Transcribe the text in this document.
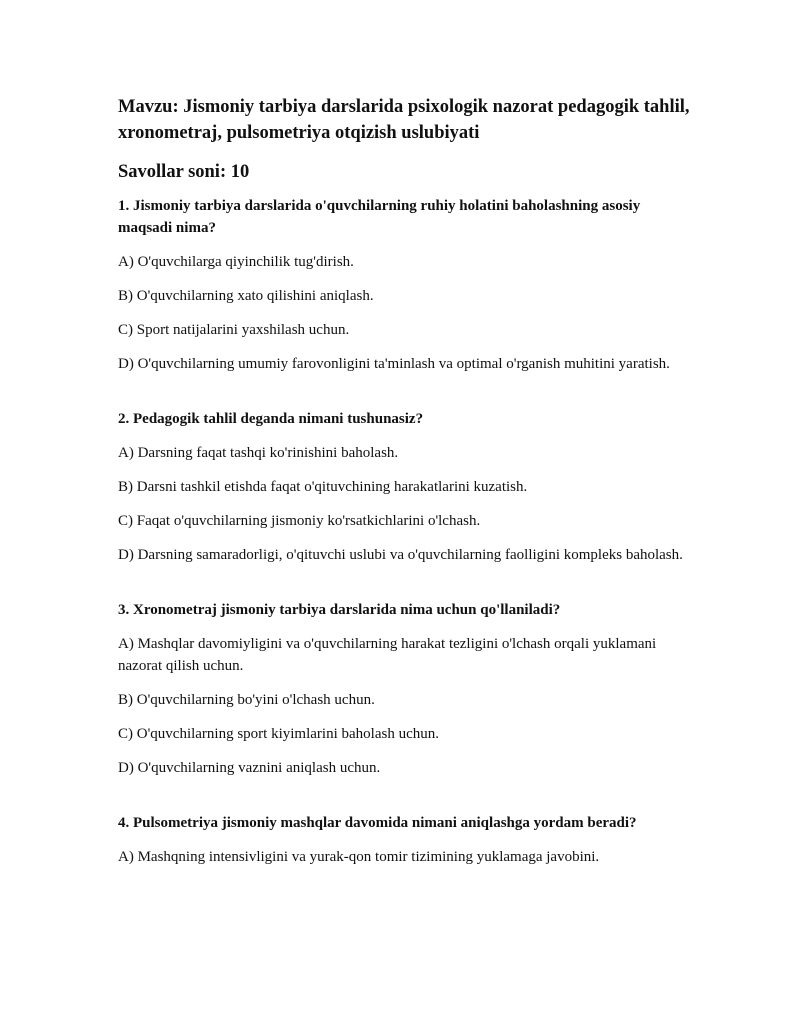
Mavzu: Jismoniy tarbiya darslarida psixologik nazorat pedagogik tahlil, xronometraj, pulsometriya otqizish uslubiyati
Savollar soni: 10
1. Jismoniy tarbiya darslarida o'quvchilarning ruhiy holatini baholashning asosiy maqsadi nima?
A) O'quvchilarga qiyinchilik tug'dirish.
B) O'quvchilarning xato qilishini aniqlash.
C) Sport natijalarini yaxshilash uchun.
D) O'quvchilarning umumiy farovonligini ta'minlash va optimal o'rganish muhitini yaratish.
2. Pedagogik tahlil deganda nimani tushunasiz?
A) Darsning faqat tashqi ko'rinishini baholash.
B) Darsni tashkil etishda faqat o'qituvchining harakatlarini kuzatish.
C) Faqat o'quvchilarning jismoniy ko'rsatkichlarini o'lchash.
D) Darsning samaradorligi, o'qituvchi uslubi va o'quvchilarning faolligini kompleks baholash.
3. Xronometraj jismoniy tarbiya darslarida nima uchun qo'llaniladi?
A) Mashqlar davomiyligini va o'quvchilarning harakat tezligini o'lchash orqali yuklamani nazorat qilish uchun.
B) O'quvchilarning bo'yini o'lchash uchun.
C) O'quvchilarning sport kiyimlarini baholash uchun.
D) O'quvchilarning vaznini aniqlash uchun.
4. Pulsometriya jismoniy mashqlar davomida nimani aniqlashga yordam beradi?
A) Mashqning intensivligini va yurak-qon tomir tizimining yuklamaga javobini.
